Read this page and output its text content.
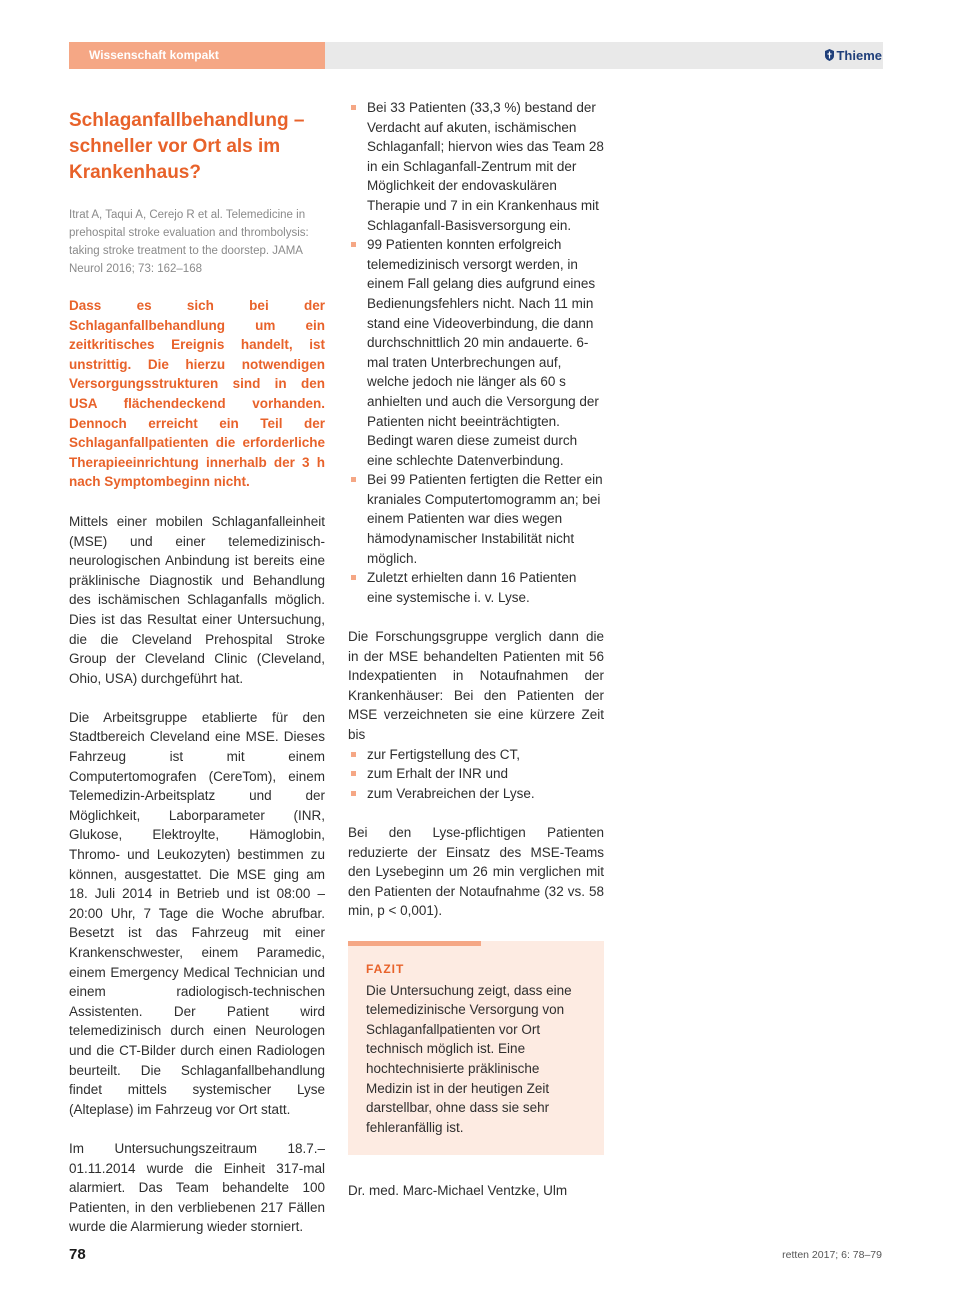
Wissenschaft kompakt	Thieme
Schlaganfallbehandlung – schneller vor Ort als im Krankenhaus?
Itrat A, Taqui A, Cerejo R et al. Telemedicine in prehospital stroke evaluation and thrombolysis: taking stroke treatment to the doorstep. JAMA Neurol 2016; 73: 162–168
Dass es sich bei der Schlaganfallbehandlung um ein zeitkritisches Ereignis handelt, ist unstrittig. Die hierzu notwendigen Versorgungsstrukturen sind in den USA flächendeckend vorhanden. Dennoch erreicht ein Teil der Schlaganfallpatienten die erforderliche Therapieeinrichtung innerhalb der 3 h nach Symptombeginn nicht.

Mittels einer mobilen Schlaganfalleinheit (MSE) und einer telemedizinisch-neurologischen Anbindung ist bereits eine präklinische Diagnostik und Behandlung des ischämischen Schlaganfalls möglich. Dies ist das Resultat einer Untersuchung, die die Cleveland Prehospital Stroke Group der Cleveland Clinic (Cleveland, Ohio, USA) durchgeführt hat.

Die Arbeitsgruppe etablierte für den Stadtbereich Cleveland eine MSE. Dieses Fahrzeug ist mit einem Computertomografen (CereTom), einem Telemedizin-Arbeitsplatz und der Möglichkeit, Laborparameter (INR, Glukose, Elektroylte, Hämoglobin, Thromo- und Leukozyten) bestimmen zu können, ausgestattet. Die MSE ging am 18. Juli 2014 in Betrieb und ist 08:00 – 20:00 Uhr, 7 Tage die Woche abrufbar. Besetzt ist das Fahrzeug mit einer Krankenschwester, einem Paramedic, einem Emergency Medical Technician und einem radiologisch-technischen Assistenten. Der Patient wird telemedizinisch durch einen Neurologen und die CT-Bilder durch einen Radiologen beurteilt. Die Schlaganfallbehandlung findet mittels systemischer Lyse (Alteplase) im Fahrzeug vor Ort statt.

Im Untersuchungszeitraum 18.7.– 01.11.2014 wurde die Einheit 317-mal alarmiert. Das Team behandelte 100 Patienten, in den verbliebenen 217 Fällen wurde die Alarmierung wieder storniert.

Bei 33 Patienten (33,3 %) bestand der Verdacht auf akuten, ischämischen Schlaganfall; hiervon wies das Team 28 in ein Schlaganfall-Zentrum mit der Möglichkeit der endovaskulären Therapie und 7 in ein Krankenhaus mit Schlaganfall-Basisversorgung ein.
99 Patienten konnten erfolgreich telemedizinisch versorgt werden, in einem Fall gelang dies aufgrund eines Bedienungsfehlers nicht. Nach 11 min stand eine Videoverbindung, die dann durchschnittlich 20 min andauerte. 6-mal traten Unterbrechungen auf, welche jedoch nie länger als 60 s anhielten und auch die Versorgung der Patienten nicht beeinträchtigten. Bedingt waren diese zumeist durch eine schlechte Datenverbindung.
Bei 99 Patienten fertigten die Retter ein kraniales Computertomogramm an; bei einem Patienten war dies wegen hämodynamischer Instabilität nicht möglich.
Zuletzt erhielten dann 16 Patienten eine systemische i. v. Lyse.

Die Forschungsgruppe verglich dann die in der MSE behandelten Patienten mit 56 Indexpatienten in Notaufnahmen der Krankenhäuser: Bei den Patienten der MSE verzeichneten sie eine kürzere Zeit bis

zur Fertigstellung des CT,
zum Erhalt der INR und
zum Verabreichen der Lyse.

Bei den Lyse-pflichtigen Patienten reduzierte der Einsatz des MSE-Teams den Lysebeginn um 26 min verglichen mit den Patienten der Notaufnahme (32 vs. 58 min, p < 0,001).

FAZIT
Die Untersuchung zeigt, dass eine telemedizinische Versorgung von Schlaganfallpatienten vor Ort technisch möglich ist. Eine hochtechnisierte präklinische Medizin ist in der heutigen Zeit darstellbar, ohne dass sie sehr fehleranfällig ist.
Dr. med. Marc-Michael Ventzke, Ulm
78	retten 2017; 6: 78–79
